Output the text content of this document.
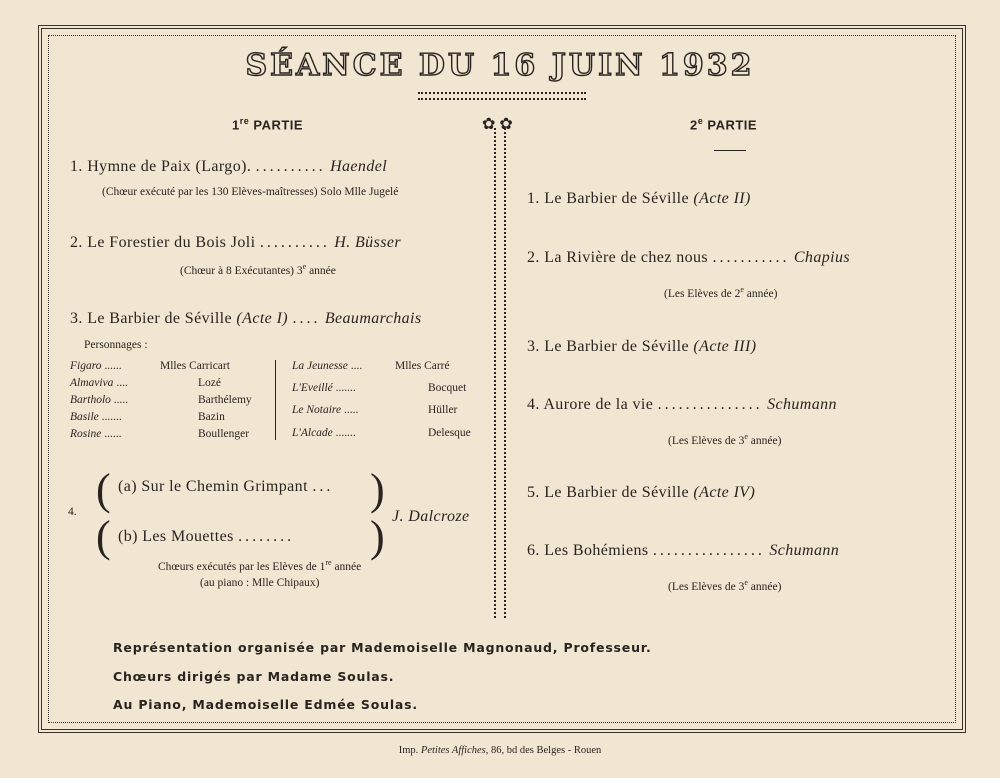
SÉANCE DU 16 JUIN 1932
✿✿
1re PARTIE
1. Hymne de Paix (Largo). .......... Haendel
(Chœur exécuté par les 130 Elèves-maîtresses) Solo Mlle Jugelé
2. Le Forestier du Bois Joli .......... H. Büsser
(Chœur à 8 Exécutantes) 3e année
3. Le Barbier de Séville (Acte I) .... Beaumarchais
Personnages :
Figaro ......	Mlles Carricart
Almaviva ....	Lozé
Bartholo .....	Barthélemy
Basile .......	Bazin
Rosine ......	Boullenger
La Jeunesse ....	Mlles Carré
L'Eveillé .......	Bocquet
Le Notaire .....	Hüller
L'Alcade .......	Delesque
4. (
(
(a) Sur le Chemin Grimpant ...
(b) Les Mouettes ........
)
) J. Dalcroze
Chœurs exécutés par les Elèves de 1re année
(au piano : Mlle Chipaux)
2e PARTIE
1. Le Barbier de Séville (Acte II)
2. La Rivière de chez nous ........... Chapius
(Les Elèves de 2e année)
3. Le Barbier de Séville (Acte III)
4. Aurore de la vie ............... Schumann
(Les Elèves de 3e année)
5. Le Barbier de Séville (Acte IV)
6. Les Bohémiens ................ Schumann
(Les Elèves de 3e année)
Représentation organisée par Mademoiselle Magnonaud, Professeur.
Chœurs dirigés par Madame Soulas.
Au Piano, Mademoiselle Edmée Soulas.
Imp. Petites Affiches, 86, bd des Belges - Rouen
